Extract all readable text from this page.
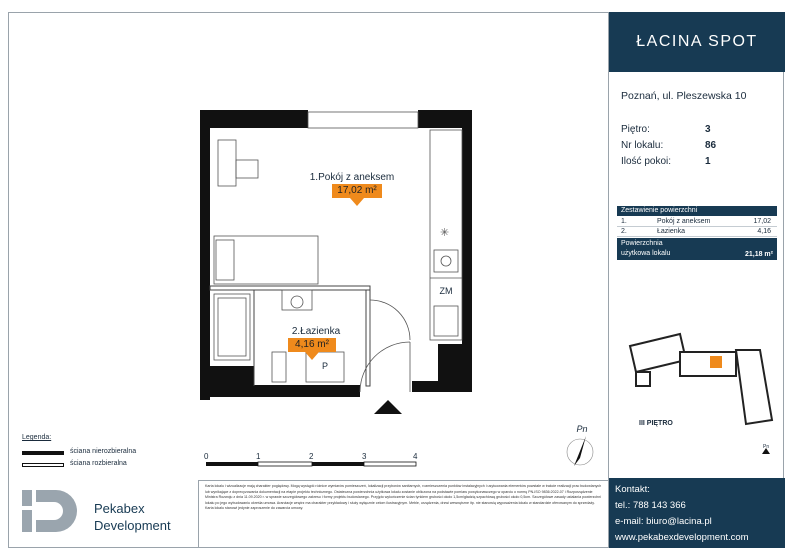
✳
1.Pokój z aneksem
17,02 m²
2.Łazienka
4,16 m²
ZM
P
Pn
0	1	2	3	4
Legenda:
ściana nierozbieralna
ściana rozbieralna
Pekabex
Development
Karta lokalu i wizualizacje mają charakter poglądowy. Mogą wystąpić różnice wymiarów pomieszczeń, lokalizacji przyborów sanitarnych, rozmieszczenia punktów instalacyjnych i usytuowania elementów powstałe w trakcie realizacji prac budowlanych lub wynikające z doprecyzowania dokumentacji na etapie projektu technicznego. Ostateczna powierzchnia użytkowa lokalu zostanie obliczona na podstawie pomiaru powykonawczego w oparciu o normę PN-ISO 9836:2022-07 i Rozporządzenie Ministra Rozwoju z dnia 11.09.2020 r. w sprawie szczegółowego zakresu i formy projektu budowlanego. Przyjęto wykończenie ścian tynkiem grubości około 1,5cm/gładzią szpachlową grubości około 0,5cm. Szczegółowe zasady ustalania powierzchni lokalu po jego wybudowaniu określa umowa. Aranżacje wnętrz ma charakter przykładowy i służy wyłącznie celom ilustracyjnym. Meble, urządzenia, drzwi wewnętrzne itp. nie stanowią wyposażenia lokalu w standardzie oferowanym do sprzedaży. Karta lokalu stanowi jedynie zaproszenie do zawarcia umowy.
ŁACINA SPOT
Poznań, ul. Pleszewska 10
Piętro:	3
Nr lokalu:	86
Ilość pokoi:	1
Zestawienie powierzchni
1.	Pokój z aneksem	17,02
2.	Łazienka	4,16
Powierzchnia
użytkowa lokalu	21,18 m²
III PIĘTRO
Pn
Kontakt:
tel.: 788 143 366
e-mail: biuro@lacina.pl
www.pekabexdevelopment.com
